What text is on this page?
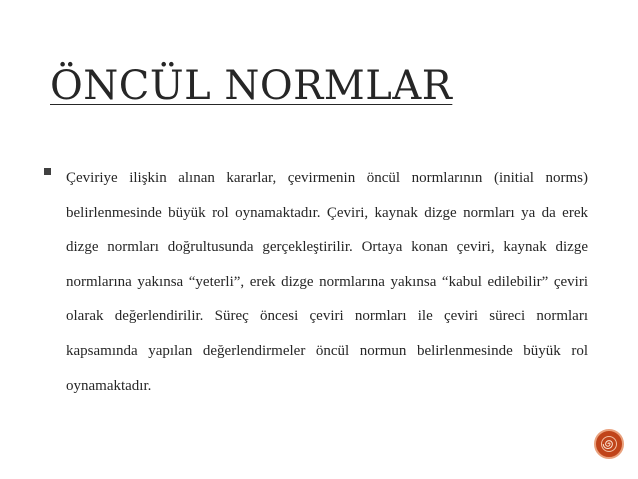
ÖNCÜL NORMLAR

Çeviriye ilişkin alınan kararlar, çevirmenin öncül normlarının (initial norms) belirlenmesinde büyük rol oynamaktadır. Çeviri, kaynak dizge normları ya da erek dizge normları doğrultusunda gerçekleştirilir. Ortaya konan çeviri, kaynak dizge normlarına yakınsa “yeterli”, erek dizge normlarına yakınsa “kabul edilebilir” çeviri olarak değerlendirilir. Süreç öncesi çeviri normları ile çeviri süreci normları kapsamında yapılan değerlendirmeler öncül normun belirlenmesinde büyük rol oynamaktadır.
